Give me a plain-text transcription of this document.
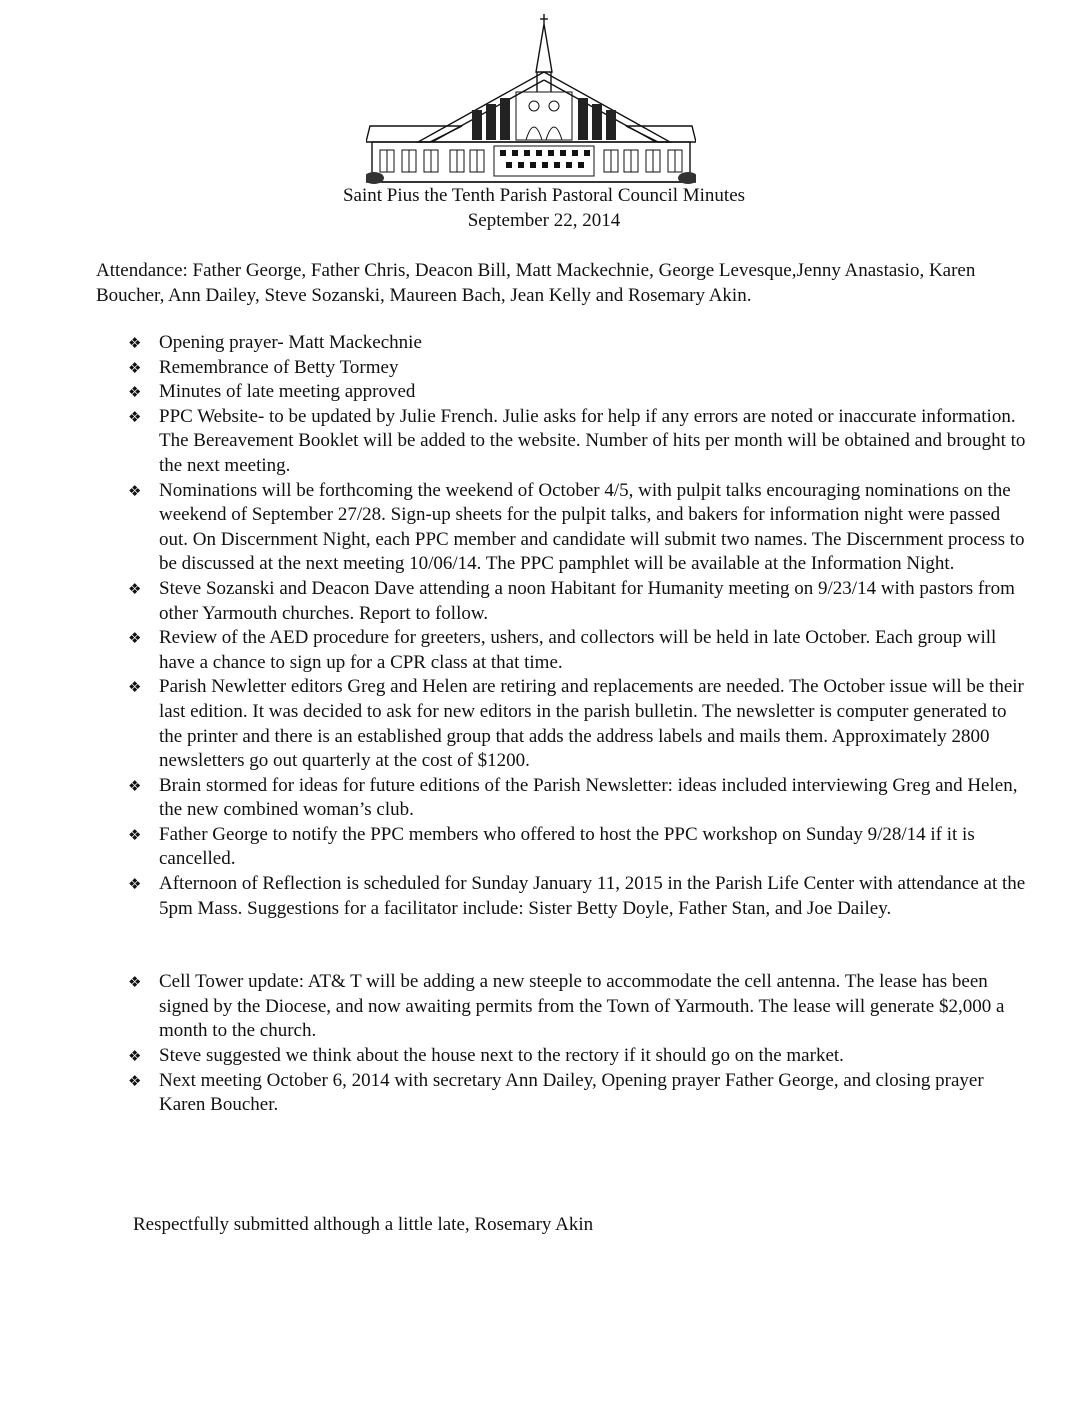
Saint Pius the Tenth Parish Pastoral Council Minutes
September 22, 2014
Attendance: Father George, Father Chris, Deacon Bill, Matt Mackechnie, George Levesque,Jenny Anastasio, Karen Boucher, Ann Dailey, Steve Sozanski, Maureen Bach, Jean Kelly and Rosemary Akin.
❖ Opening prayer- Matt Mackechnie
❖ Remembrance of Betty Tormey
❖ Minutes of late meeting approved
❖ PPC Website- to be updated by Julie French. Julie asks for help if any errors are noted or inaccurate information. The Bereavement Booklet will be added to the website. Number of hits per month will be obtained and brought to the next meeting.
❖ Nominations will be forthcoming the weekend of October 4/5, with pulpit talks encouraging nominations on the weekend of September 27/28. Sign-up sheets for the pulpit talks, and bakers for information night were passed out. On Discernment Night, each PPC member and candidate will submit two names. The Discernment process to be discussed at the next meeting 10/06/14. The PPC pamphlet will be available at the Information Night.
❖ Steve Sozanski and Deacon Dave attending a noon Habitant for Humanity meeting on 9/23/14 with pastors from other Yarmouth churches. Report to follow.
❖ Review of the AED procedure for greeters, ushers, and collectors will be held in late October. Each group will have a chance to sign up for a CPR class at that time.
❖ Parish Newletter editors Greg and Helen are retiring and replacements are needed. The October issue will be their last edition. It was decided to ask for new editors in the parish bulletin. The newsletter is computer generated to the printer and there is an established group that adds the address labels and mails them. Approximately 2800 newsletters go out quarterly at the cost of $1200.
❖ Brain stormed for ideas for future editions of the Parish Newsletter: ideas included interviewing Greg and Helen, the new combined woman’s club.
❖ Father George to notify the PPC members who offered to host the PPC workshop on Sunday 9/28/14 if it is cancelled.
❖ Afternoon of Reflection is scheduled for Sunday January 11, 2015 in the Parish Life Center with attendance at the 5pm Mass. Suggestions for a facilitator include: Sister Betty Doyle, Father Stan, and Joe Dailey.
❖ Cell Tower update: AT& T will be adding a new steeple to accommodate the cell antenna. The lease has been signed by the Diocese, and now awaiting permits from the Town of Yarmouth. The lease will generate $2,000 a month to the church.
❖ Steve suggested we think about the house next to the rectory if it should go on the market.
❖ Next meeting October 6, 2014 with secretary Ann Dailey, Opening prayer Father George, and closing prayer Karen Boucher.
Respectfully submitted although a little late, Rosemary Akin
